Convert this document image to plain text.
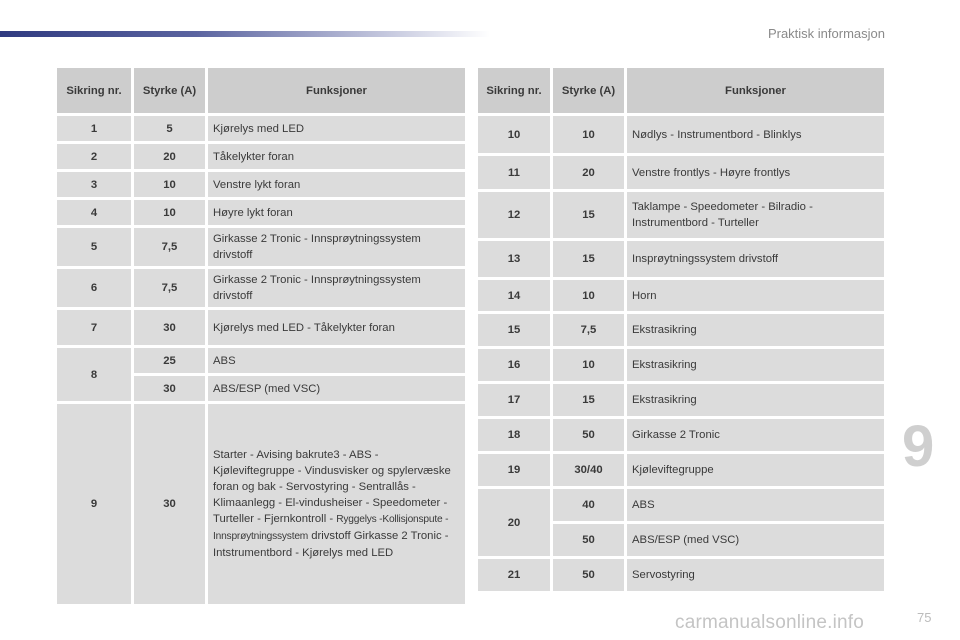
Praktisk informasjon
Sikring nr.	Styrke (A)	Funksjoner
1	5	Kjørelys med LED
2	20	Tåkelykter foran
3	10	Venstre lykt foran
4	10	Høyre lykt foran
5	7,5	Girkasse 2 Tronic - Innsprøytningssystem drivstoff
6	7,5	Girkasse 2 Tronic - Innsprøytningssystem drivstoff
7	30	Kjørelys med LED - Tåkelykter foran
8	25	ABS
	30	ABS/ESP (med VSC)
9	30	Starter - Avising bakrute3 - ABS - Kjøleviftegruppe - Vindusvisker og spylervæske foran og bak - Servostyring - Sentrallås - Klimaanlegg - El-vindusheiser - Speedometer - Turteller - Fjernkontroll - Ryggelys -Kollisjonspute -Innsprøytningssystem drivstoff Girkasse 2 Tronic -Intstrumentbord - Kjørelys med LED
Sikring nr.	Styrke (A)	Funksjoner
10	10	Nødlys - Instrumentbord - Blinklys
11	20	Venstre frontlys - Høyre frontlys
12	15	Taklampe - Speedometer - Bilradio - Instrumentbord - Turteller
13	15	Insprøytningssystem drivstoff
14	10	Horn
15	7,5	Ekstrasikring
16	10	Ekstrasikring
17	15	Ekstrasikring
18	50	Girkasse 2 Tronic
19	30/40	Kjøleviftegruppe
20	40	ABS
	50	ABS/ESP (med VSC)
21	50	Servostyring
9
carmanualsonline.info	75
